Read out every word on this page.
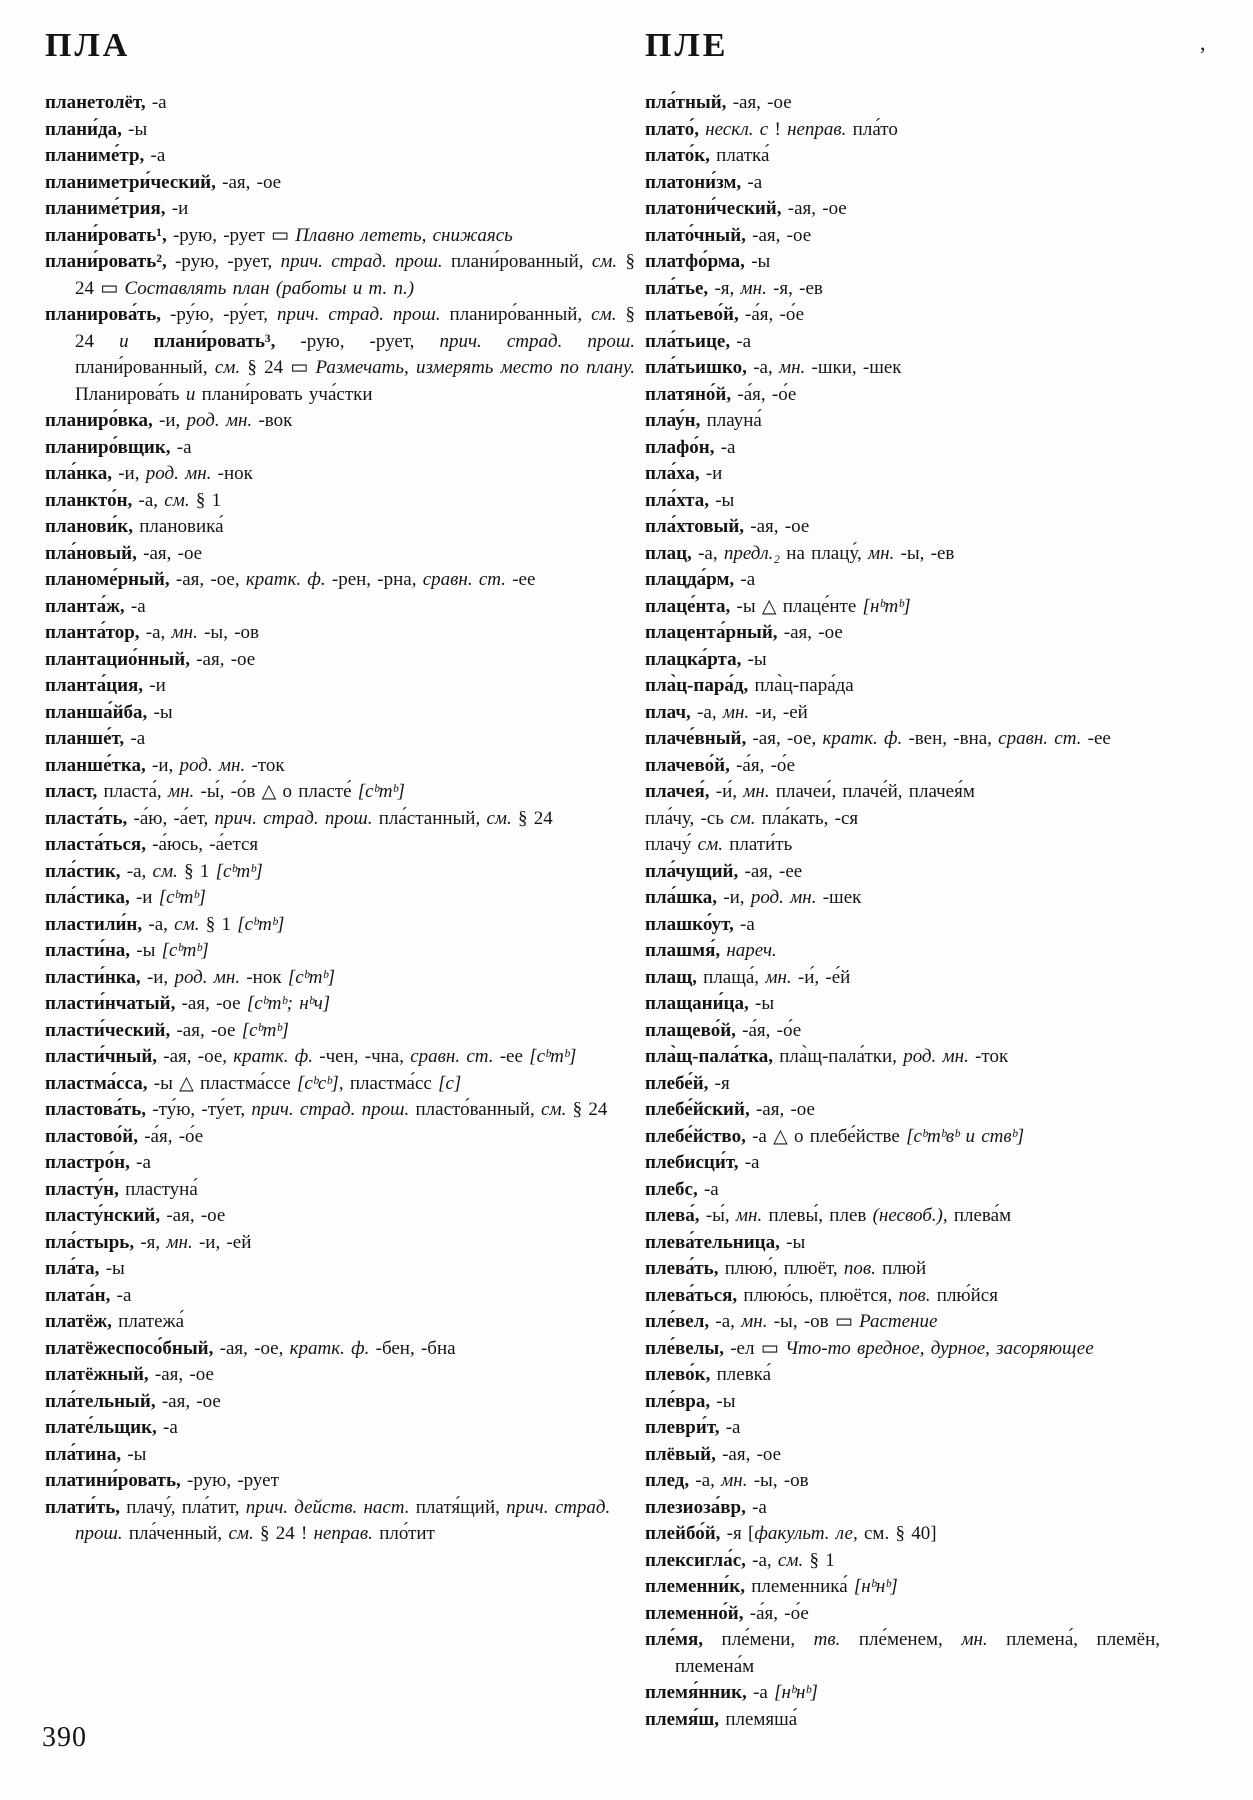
ПЛА	ПЛЕ

планетолёт, -а

плани́да, -ы

планиме́тр, -а

планиметри́ческий, -ая, -ое

планиме́трия, -и

плани́ровать¹, -рую, -рует ▭ Плавно лететь, снижаясь

плани́ровать², -рую, -рует, прич. страд. прош. плани́рованный, см. § 24 ▭ Составлять план (работы и т. п.)

планирова́ть, -ру́ю, -ру́ет, прич. страд. прош. планиро́ванный, см. § 24 и плани́ровать³, -рую, -рует, прич. страд. прош. плани́рованный, см. § 24 ▭ Размечать, измерять место по плану. Планирова́ть и плани́ровать уча́стки

планиро́вка, -и, род. мн. -вок

планиро́вщик, -а

пла́нка, -и, род. мн. -нок

планкто́н, -а, см. § 1

планови́к, плановика́

пла́новый, -ая, -ое

планоме́рный, -ая, -ое, кратк. ф. -рен, -рна, сравн. ст. -ее

планта́ж, -а

планта́тор, -а, мн. -ы, -ов

плантацио́нный, -ая, -ое

планта́ция, -и

планша́йба, -ы

планше́т, -а

планше́тка, -и, род. мн. -ток

пласт, пласта́, мн. -ы́, -о́в △ о пласте́ [сᵇтᵇ]

пласта́ть, -а́ю, -а́ет, прич. страд. прош. пла́станный, см. § 24

пласта́ться, -а́юсь, -а́ется

пла́стик, -а, см. § 1 [сᵇтᵇ]

пла́стика, -и [сᵇтᵇ]

пластили́н, -а, см. § 1 [сᵇтᵇ]

пласти́на, -ы [сᵇтᵇ]

пласти́нка, -и, род. мн. -нок [сᵇтᵇ]

пласти́нчатый, -ая, -ое [сᵇтᵇ; нᵇч]

пласти́ческий, -ая, -ое [сᵇтᵇ]

пласти́чный, -ая, -ое, кратк. ф. -чен, -чна, сравн. ст. -ее [сᵇтᵇ]

пластма́сса, -ы △ пластма́ссе [сᵇсᵇ], пластма́сс [с]

пластова́ть, -ту́ю, -ту́ет, прич. страд. прош. пласто́ванный, см. § 24

пластово́й, -а́я, -о́е

пластро́н, -а

пласту́н, пластуна́

пласту́нский, -ая, -ое

пла́стырь, -я, мн. -и, -ей

пла́та, -ы

плата́н, -а

платёж, платежа́

платёжеспосо́бный, -ая, -ое, кратк. ф. -бен, -бна

платёжный, -ая, -ое

пла́тельный, -ая, -ое

плате́льщик, -а

пла́тина, -ы

платини́ровать, -рую, -рует

плати́ть, плачу́, пла́тит, прич. действ. наст. платя́щий, прич. страд. прош. пла́ченный, см. § 24 ! неправ. пло́тит

пла́тный, -ая, -ое

плато́, нескл. с ! неправ. пла́то

плато́к, платка́

платони́зм, -а

платони́ческий, -ая, -ое

плато́чный, -ая, -ое

платфо́рма, -ы

пла́тье, -я, мн. -я, -ев

платьево́й, -а́я, -о́е

пла́тьице, -а

пла́тьишко, -а, мн. -шки, -шек

платяно́й, -а́я, -о́е

плау́н, плауна́

плафо́н, -а

пла́ха, -и

пла́хта, -ы

пла́хтовый, -ая, -ое

плац, -а, предл.₂ на плацу́, мн. -ы, -ев

плацда́рм, -а

плаце́нта, -ы △ плаце́нте [нᵇтᵇ]

плацента́рный, -ая, -ое

плацка́рта, -ы

пла̀ц-пара́д, пла̀ц-пара́да

плач, -а, мн. -и, -ей

плаче́вный, -ая, -ое, кратк. ф. -вен, -вна, сравн. ст. -ее

плачево́й, -а́я, -о́е

плачея́, -и́, мн. плачеи́, плаче́й, плачея́м

пла́чу, -сь см. пла́кать, -ся

плачу́ см. плати́ть

пла́чущий, -ая, -ее

пла́шка, -и, род. мн. -шек

плашко́ут, -а

плашмя́, нареч.

плащ, плаща́, мн. -и́, -е́й

плащани́ца, -ы

плащево́й, -а́я, -о́е

пла̀щ-пала́тка, пла̀щ-пала́тки, род. мн. -ток

плебе́й, -я

плебе́йский, -ая, -ое

плебе́йство, -а △ о плебе́йстве [сᵇтᵇвᵇ и ствᵇ]

плебисци́т, -а

плебс, -а

плева́, -ы́, мн. плевы́, плев (несвоб.), плева́м

плева́тельница, -ы

плева́ть, плюю́, плюёт, пов. плюй

плева́ться, плюю́сь, плюётся, пов. плю́йся

пле́вел, -а, мн. -ы, -ов ▭ Растение

пле́велы, -ел ▭ Что-то вредное, дурное, засоряющее

плево́к, плевка́

пле́вра, -ы

плеври́т, -а

плёвый, -ая, -ое

плед, -а, мн. -ы, -ов

плезиоза́вр, -а

плейбо́й, -я [факульт. ле, см. § 40]

плексигла́с, -а, см. § 1

племенни́к, племенника́ [нᵇнᵇ]

племенно́й, -а́я, -о́е

пле́мя, пле́мени, тв. пле́менем, мн. племена́, племён, племена́м

племя́нник, -а [нᵇнᵇ]

племя́ш, племяша́

390
,
